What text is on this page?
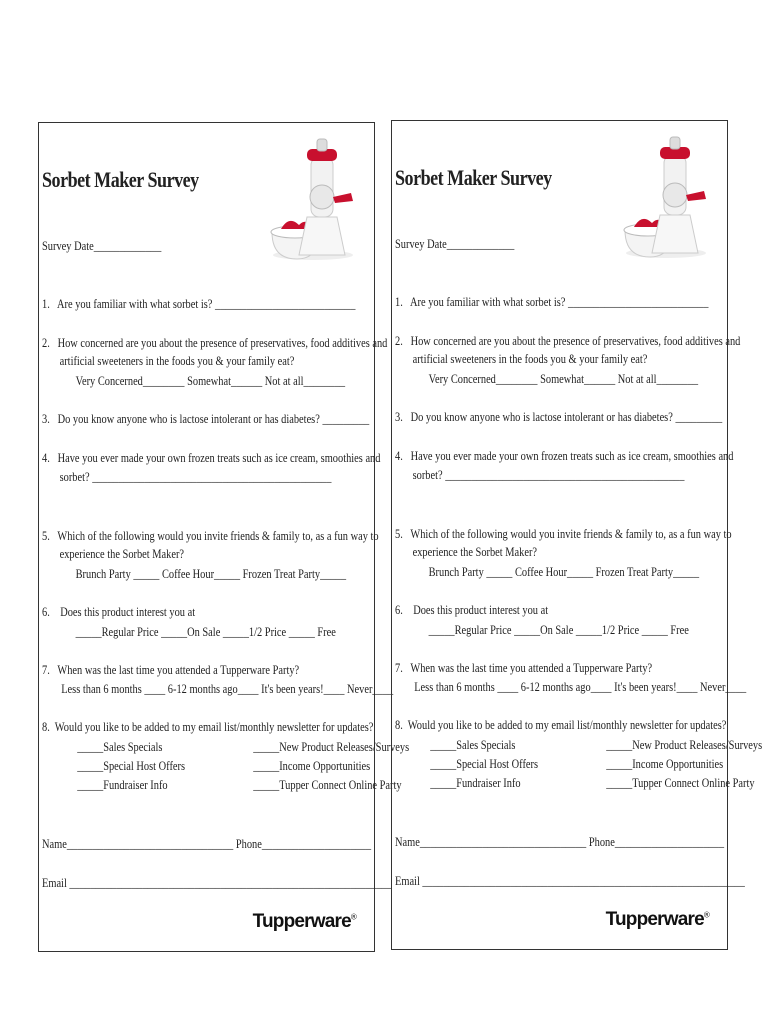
Sorbet Maker Survey
Survey Date_____________
1.   Are you familiar with what sorbet is? ___________________________
2.   How concerned are you about the presence of preservatives, food additives and
artificial sweeteners in the foods you & your family eat?
Very Concerned________ Somewhat______ Not at all________
3.   Do you know anyone who is lactose intolerant or has diabetes? _________
4.   Have you ever made your own frozen treats such as ice cream, smoothies and
sorbet? ______________________________________________
5.   Which of the following would you invite friends & family to, as a fun way to
experience the Sorbet Maker?
Brunch Party _____ Coffee Hour_____ Frozen Treat Party_____
6.    Does this product interest you at
_____Regular Price _____On Sale _____1/2 Price _____ Free
7.   When was the last time you attended a Tupperware Party?
Less than 6 months ____ 6-12 months ago____ It's been years!____ Never____
8.  Would you like to be added to my email list/monthly newsletter for updates?
_____Sales Specials
_____Special Host Offers
_____Fundraiser Info
_____New Product Releases/Surveys
_____Income Opportunities
_____Tupper Connect Online Party
Name________________________________ Phone_____________________
Email ______________________________________________________________
Tupperware®
Sorbet Maker Survey
Survey Date_____________
1.   Are you familiar with what sorbet is? ___________________________
2.   How concerned are you about the presence of preservatives, food additives and
artificial sweeteners in the foods you & your family eat?
Very Concerned________ Somewhat______ Not at all________
3.   Do you know anyone who is lactose intolerant or has diabetes? _________
4.   Have you ever made your own frozen treats such as ice cream, smoothies and
sorbet? ______________________________________________
5.   Which of the following would you invite friends & family to, as a fun way to
experience the Sorbet Maker?
Brunch Party _____ Coffee Hour_____ Frozen Treat Party_____
6.    Does this product interest you at
_____Regular Price _____On Sale _____1/2 Price _____ Free
7.   When was the last time you attended a Tupperware Party?
Less than 6 months ____ 6-12 months ago____ It's been years!____ Never____
8.  Would you like to be added to my email list/monthly newsletter for updates?
_____Sales Specials
_____Special Host Offers
_____Fundraiser Info
_____New Product Releases/Surveys
_____Income Opportunities
_____Tupper Connect Online Party
Name________________________________ Phone_____________________
Email ______________________________________________________________
Tupperware®
